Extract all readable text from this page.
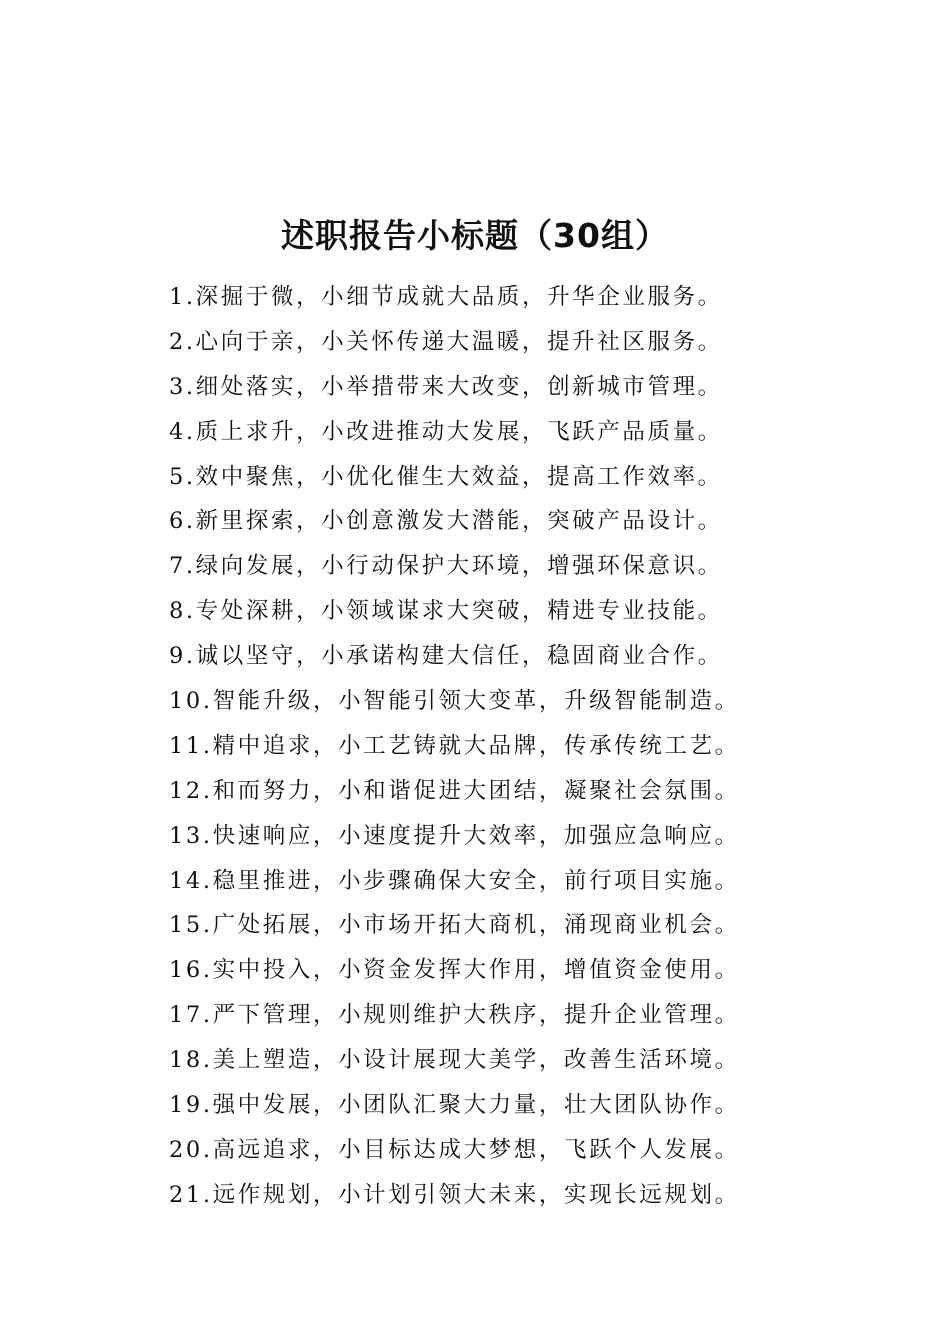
述职报告小标题（30组）
1.深掘于微，小细节成就大品质，升华企业服务。
2.心向于亲，小关怀传递大温暖，提升社区服务。
3.细处落实，小举措带来大改变，创新城市管理。
4.质上求升，小改进推动大发展，飞跃产品质量。
5.效中聚焦，小优化催生大效益，提高工作效率。
6.新里探索，小创意激发大潜能，突破产品设计。
7.绿向发展，小行动保护大环境，增强环保意识。
8.专处深耕，小领域谋求大突破，精进专业技能。
9.诚以坚守，小承诺构建大信任，稳固商业合作。
10.智能升级，小智能引领大变革，升级智能制造。
11.精中追求，小工艺铸就大品牌，传承传统工艺。
12.和而努力，小和谐促进大团结，凝聚社会氛围。
13.快速响应，小速度提升大效率，加强应急响应。
14.稳里推进，小步骤确保大安全，前行项目实施。
15.广处拓展，小市场开拓大商机，涌现商业机会。
16.实中投入，小资金发挥大作用，增值资金使用。
17.严下管理，小规则维护大秩序，提升企业管理。
18.美上塑造，小设计展现大美学，改善生活环境。
19.强中发展，小团队汇聚大力量，壮大团队协作。
20.高远追求，小目标达成大梦想，飞跃个人发展。
21.远作规划，小计划引领大未来，实现长远规划。
